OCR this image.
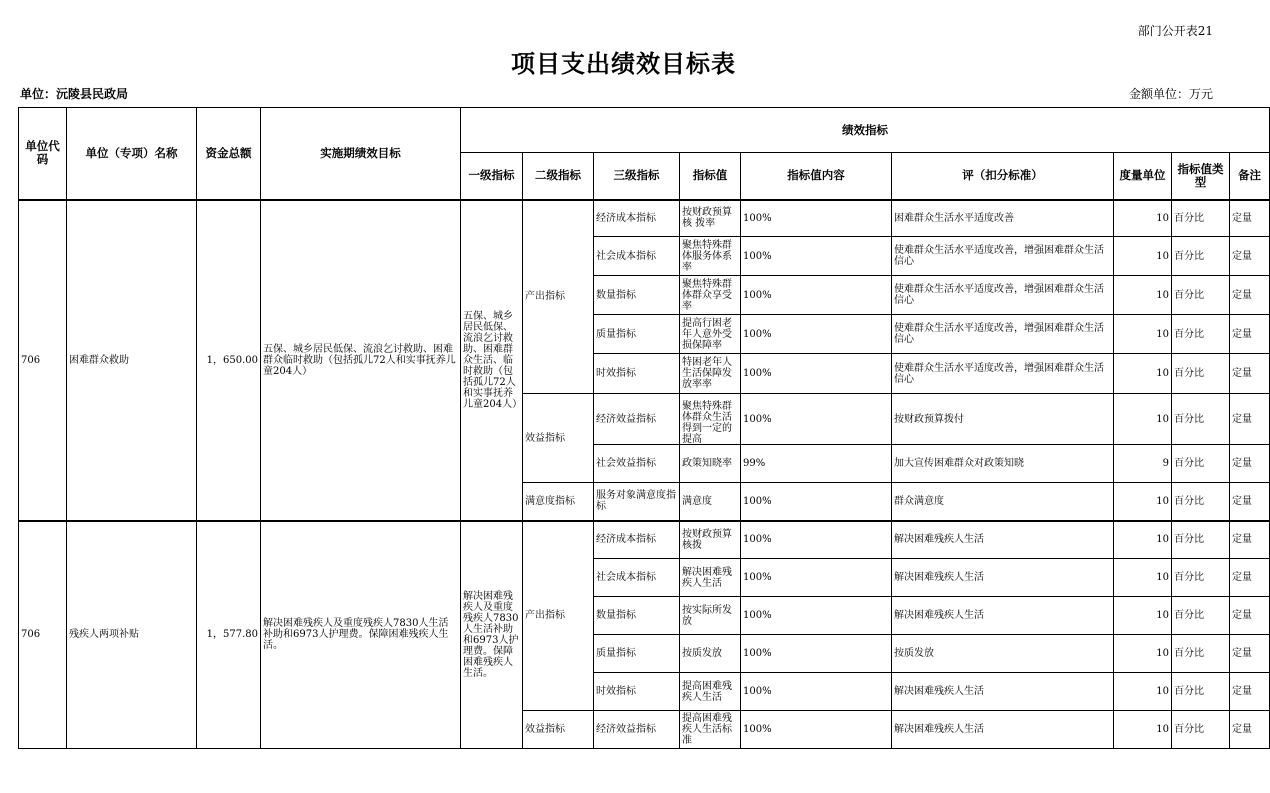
部门公开表21
项目支出绩效目标表
单位：沅陵县民政局	金额单位：万元
单位代码	单位（专项）名称	资金总额	实施期绩效目标	绩效指标								
				一级指标	二级指标	三级指标	指标值	指标值内容	评（扣分标准）	度量单位	指标值类型	备注
706	困难群众救助	1，650.00	五保、城乡居民低保、流浪乞讨救助、困难群众临时救助（包括孤儿72人和实事抚养儿童204人）	五保、城乡居民低保、流浪乞讨救助、困难群众生活、临时救助（包括孤儿72人和实事抚养儿童204人）	产出指标	经济成本指标	按财政预算核 拨率	100%	困难群众生活水平适度改善	10	百分比	定量
						社会成本指标	聚焦特殊群体服务体系率	100%	使难群众生活水平适度改善，增强困难群众生活信心	10	百分比	定量
						数量指标	聚焦特殊群体群众享受率	100%	使难群众生活水平适度改善，增强困难群众生活信心	10	百分比	定量
						质量指标	提高行困老年人意外受损保障率	100%	使难群众生活水平适度改善，增强困难群众生活信心	10	百分比	定量
						时效指标	特困老年人生活保障发放率率	100%	使难群众生活水平适度改善，增强困难群众生活信心	10	百分比	定量
					效益指标	经济效益指标	聚焦特殊群体群众生活得到一定的提高	100%	按财政预算拨付	10	百分比	定量
						社会效益指标	政策知晓率	99%	加大宣传困难群众对政策知晓	9	百分比	定量
					满意度指标	服务对象满意度指标	满意度	100%	群众满意度	10	百分比	定量
706	残疾人两项补贴	1，577.80	解决困难残疾人及重度残疾人7830人生活补助和6973人护理费。保障困难残疾人生活。	解决困难残疾人及重度残疾人7830人生活补助和6973人护理费。保障困难残疾人生活。	产出指标	经济成本指标	按财政预算核拨	100%	解决困难残疾人生活	10	百分比	定量
						社会成本指标	解决困难残疾人生活	100%	解决困难残疾人生活	10	百分比	定量
						数量指标	按实际所发放	100%	解决困难残疾人生活	10	百分比	定量
						质量指标	按质发放	100%	按质发放	10	百分比	定量
						时效指标	提高困难残疾人生活	100%	解决困难残疾人生活	10	百分比	定量
					效益指标	经济效益指标	提高困难残疾人生活标准	100%	解决困难残疾人生活	10	百分比	定量
